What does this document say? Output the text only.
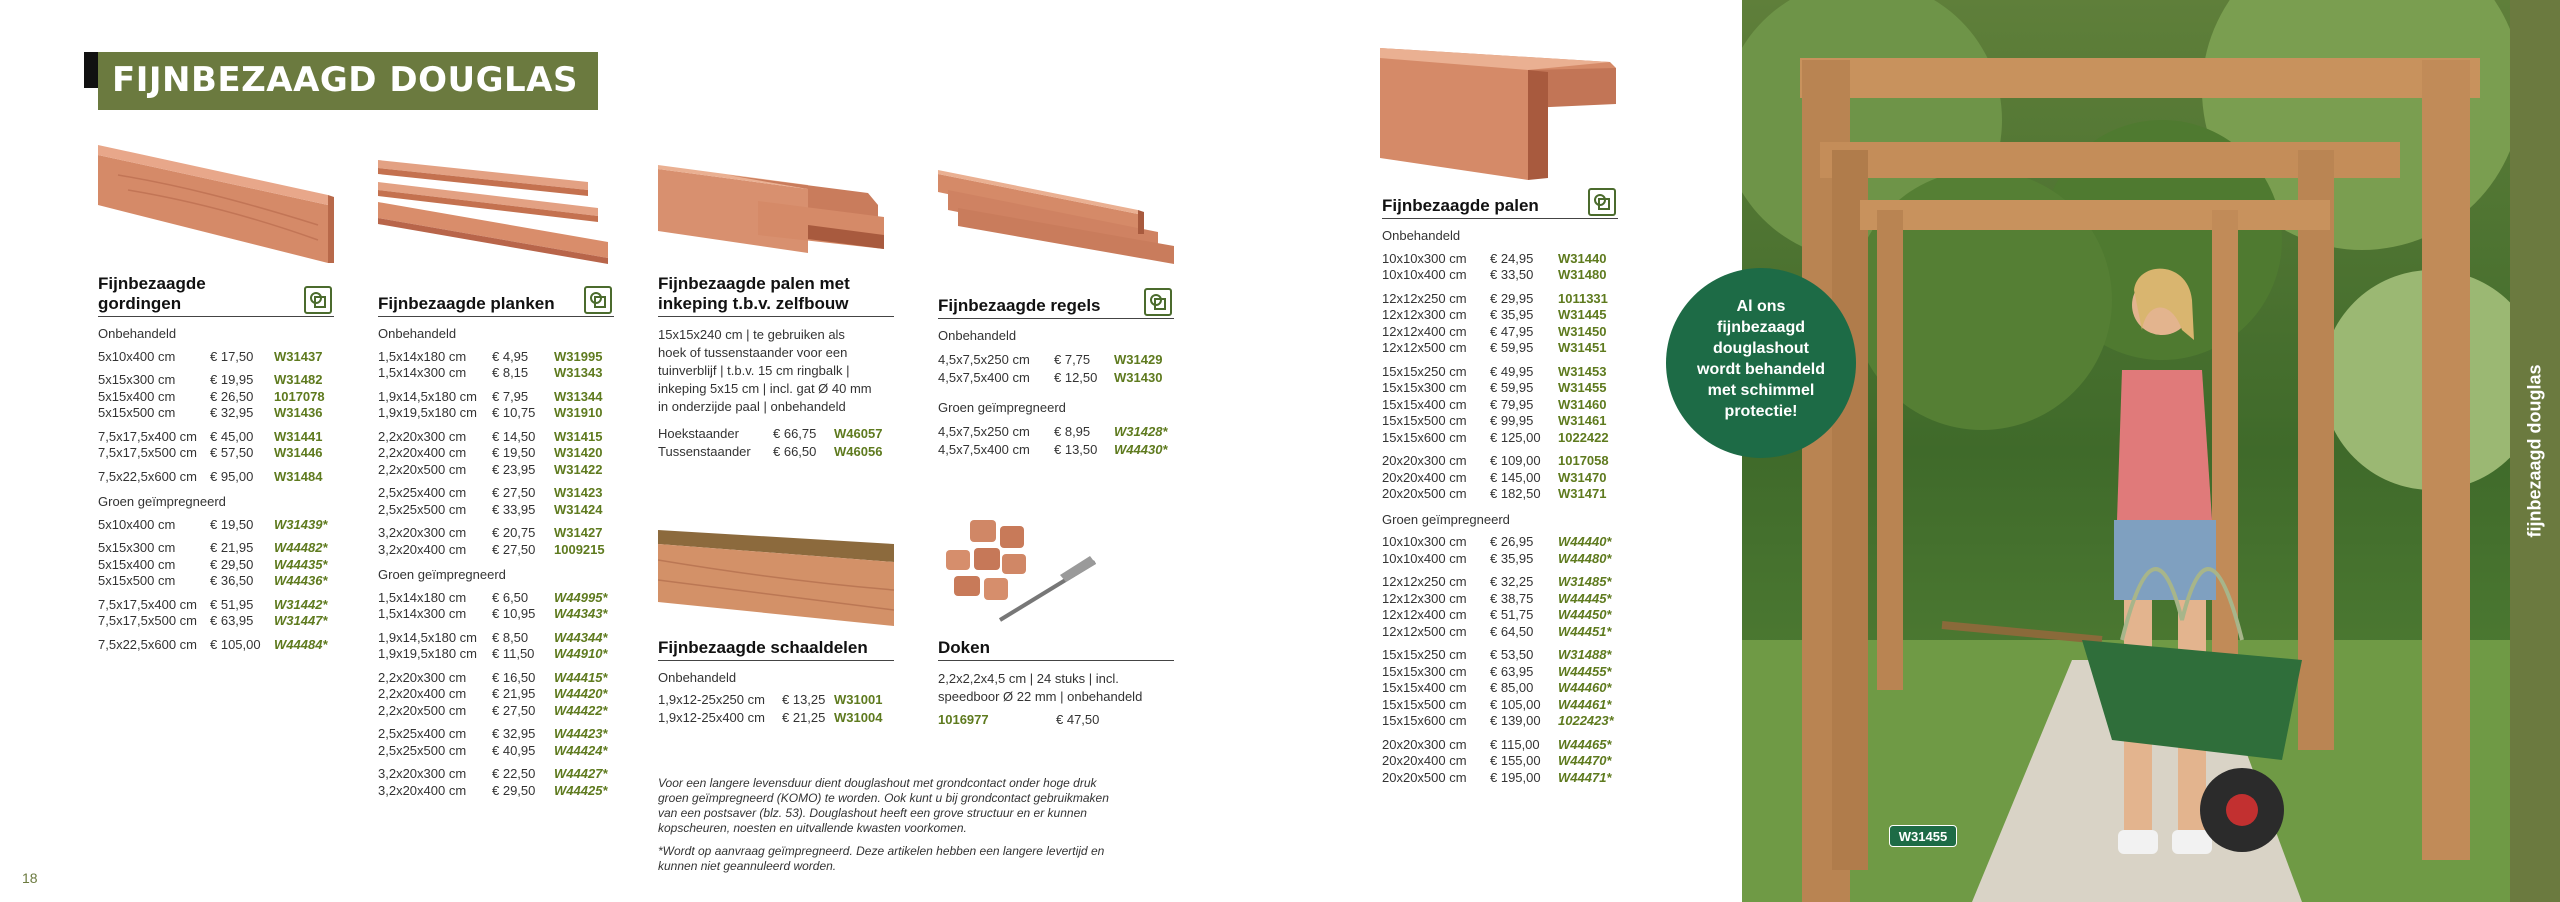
FIJNBEZAAGD DOUGLAS
Fijnbezaagde
gordingen
Onbehandeld
5x10x400 cm	€ 17,50 W31437
5x15x300 cm	€ 19,95 W31482
5x15x400 cm	€ 26,50 1017078
5x15x500 cm	€ 32,95 W31436
7,5x17,5x400 cm € 45,00 W31441
7,5x17,5x500 cm € 57,50 W31446
7,5x22,5x600 cm € 95,00 W31484
Groen geïmpregneerd
5x10x400 cm	€ 19,50 W31439*
5x15x300 cm	€ 21,95 W44482*
5x15x400 cm	€ 29,50 W44435*
5x15x500 cm	€ 36,50 W44436*
7,5x17,5x400 cm € 51,95 W31442*
7,5x17,5x500 cm € 63,95 W31447*
7,5x22,5x600 cm € 105,00 W44484*
Fijnbezaagde planken
Onbehandeld
1,5x14x180 cm € 4,95 W31995
1,5x14x300 cm € 8,15 W31343
1,9x14,5x180 cm € 7,95 W31344
1,9x19,5x180 cm € 10,75 W31910
2,2x20x300 cm € 14,50 W31415
2,2x20x400 cm € 19,50 W31420
2,2x20x500 cm € 23,95 W31422
2,5x25x400 cm € 27,50 W31423
2,5x25x500 cm € 33,95 W31424
3,2x20x300 cm € 20,75 W31427
3,2x20x400 cm € 27,50 1009215
Groen geïmpregneerd
1,5x14x180 cm € 6,50 W44995*
1,5x14x300 cm € 10,95 W44343*
1,9x14,5x180 cm € 8,50 W44344*
1,9x19,5x180 cm € 11,50 W44910*
2,2x20x300 cm € 16,50 W44415*
2,2x20x400 cm € 21,95 W44420*
2,2x20x500 cm € 27,50 W44422*
2,5x25x400 cm € 32,95 W44423*
2,5x25x500 cm € 40,95 W44424*
3,2x20x300 cm € 22,50 W44427*
3,2x20x400 cm € 29,50 W44425*
Fijnbezaagde palen met
inkeping t.b.v. zelfbouw
15x15x240 cm | te gebruiken als
hoek of tussenstaander voor een
tuinverblijf | t.b.v. 15 cm ringbalk |
inkeping 5x15 cm | incl. gat Ø 40 mm
in onderzijde paal | onbehandeld
Hoekstaander	€ 66,75 W46057
Tussenstaander € 66,50 W46056
Fijnbezaagde regels
Onbehandeld
4,5x7,5x250 cm € 7,75 W31429
4,5x7,5x400 cm € 12,50 W31430
Groen geïmpregneerd
4,5x7,5x250 cm € 8,95 W31428*
4,5x7,5x400 cm € 13,50 W44430*
Fijnbezaagde schaaldelen
Onbehandeld
1,9x12-25x250 cm € 13,25 W31001
1,9x12-25x400 cm € 21,25 W31004
Doken
2,2x2,2x4,5 cm | 24 stuks | incl.
speedboor Ø 22 mm | onbehandeld
1016977	€ 47,50
Fijnbezaagde palen
Onbehandeld
10x10x300 cm € 24,95 W31440
10x10x400 cm € 33,50 W31480
12x12x250 cm € 29,95 1011331
12x12x300 cm € 35,95 W31445
12x12x400 cm € 47,95 W31450
12x12x500 cm € 59,95 W31451
15x15x250 cm € 49,95 W31453
15x15x300 cm € 59,95 W31455
15x15x400 cm € 79,95 W31460
15x15x500 cm € 99,95 W31461
15x15x600 cm € 125,00 1022422
20x20x300 cm € 109,00 1017058
20x20x400 cm € 145,00 W31470
20x20x500 cm € 182,50 W31471
Groen geïmpregneerd
10x10x300 cm € 26,95 W44440*
10x10x400 cm € 35,95 W44480*
12x12x250 cm € 32,25 W31485*
12x12x300 cm € 38,75 W44445*
12x12x400 cm € 51,75 W44450*
12x12x500 cm € 64,50 W44451*
15x15x250 cm € 53,50 W31488*
15x15x300 cm € 63,95 W44455*
15x15x400 cm € 85,00 W44460*
15x15x500 cm € 105,00 W44461*
15x15x600 cm € 139,00 1022423*
20x20x300 cm € 115,00 W44465*
20x20x400 cm € 155,00 W44470*
20x20x500 cm € 195,00 W44471*
Voor een langere levensduur dient douglashout met grondcontact onder hoge druk
groen geïmpregneerd (KOMO) te worden. Ook kunt u bij grondcontact gebruikmaken
van een postsaver (blz. 53). Douglashout heeft een grove structuur en er kunnen
kopscheuren, noesten en uitvallende kwasten voorkomen.
*Wordt op aanvraag geïmpregneerd. Deze artikelen hebben een langere levertijd en
kunnen niet geannuleerd worden.
18
Al ons
fijnbezaagd
douglashout
wordt behandeld
met schimmel
protectie!
W31455
fijnbezaagd douglas
